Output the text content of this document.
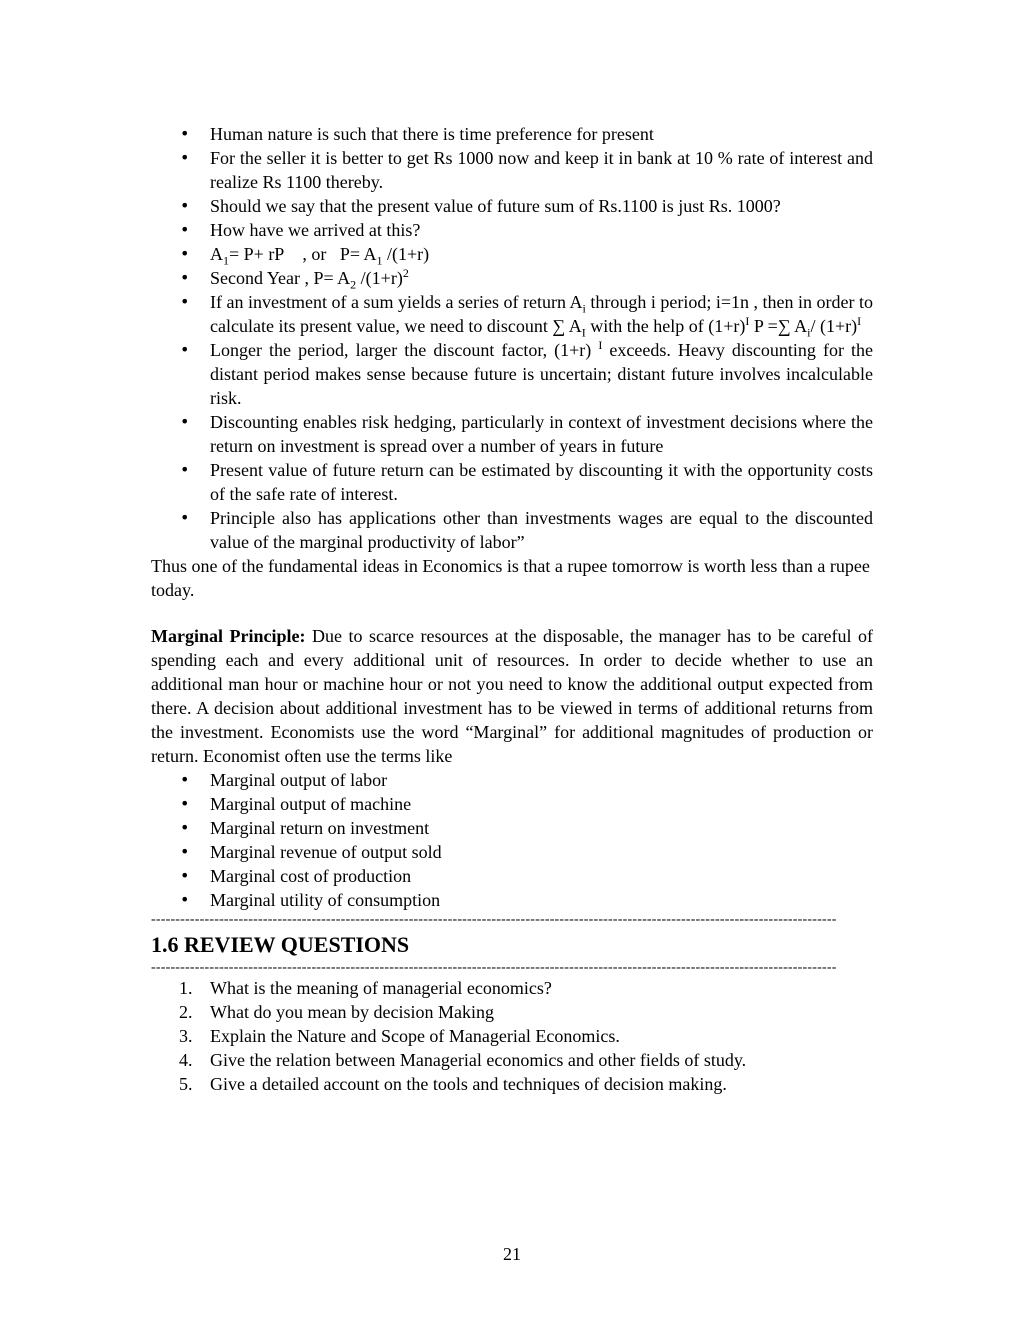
• Human nature is such that there is time preference for present
• For the seller it is better to get Rs 1000 now and keep it in bank at 10 % rate of interest and realize Rs 1100 thereby.
• Should we say that the present value of future sum of Rs.1100 is just Rs. 1000?
• How have we arrived at this?
• $A_1= P+$ rP    , or   $P= A_1$ /(1+r)
• Second Year , $P= A_2$ $/(1+r)^2$
• If an investment of a sum yields a series of return $A_i$ through i period; i=1n , then in order to calculate its present value, we need to discount ∑ $A_I$ with the help of $(1+r)^I$ P =∑ $A_i/$ $(1+r)^I$
• Longer the period, larger the discount factor, (1+r) $^I$ exceeds. Heavy discounting for the distant period makes sense because future is uncertain; distant future involves incalculable risk.
• Discounting enables risk hedging, particularly in context of investment decisions where the return on investment is spread over a number of years in future
• Present value of future return can be estimated by discounting it with the opportunity costs of the safe rate of interest.
• Principle also has applications other than investments wages are equal to the discounted value of the marginal productivity of labor”

Thus one of the fundamental ideas in Economics is that a rupee tomorrow is worth less than a rupee today.

Marginal Principle: Due to scarce resources at the disposable, the manager has to be careful of spending each and every additional unit of resources. In order to decide whether to use an additional man hour or machine hour or not you need to know the additional output expected from there. A decision about additional investment has to be viewed in terms of additional returns from the investment. Economists use the word “Marginal” for additional magnitudes of production or return. Economist often use the terms like

• Marginal output of labor
• Marginal output of machine
• Marginal return on investment
• Marginal revenue of output sold
• Marginal cost of production
• Marginal utility of consumption
---------------------------------------------------------------------------------------------------------------------------------------------
1.6 REVIEW QUESTIONS
---------------------------------------------------------------------------------------------------------------------------------------------
1. What is the meaning of managerial economics?
2. What do you mean by decision Making
3. Explain the Nature and Scope of Managerial Economics.
4. Give the relation between Managerial economics and other fields of study.
5. Give a detailed account on the tools and techniques of decision making.
21
